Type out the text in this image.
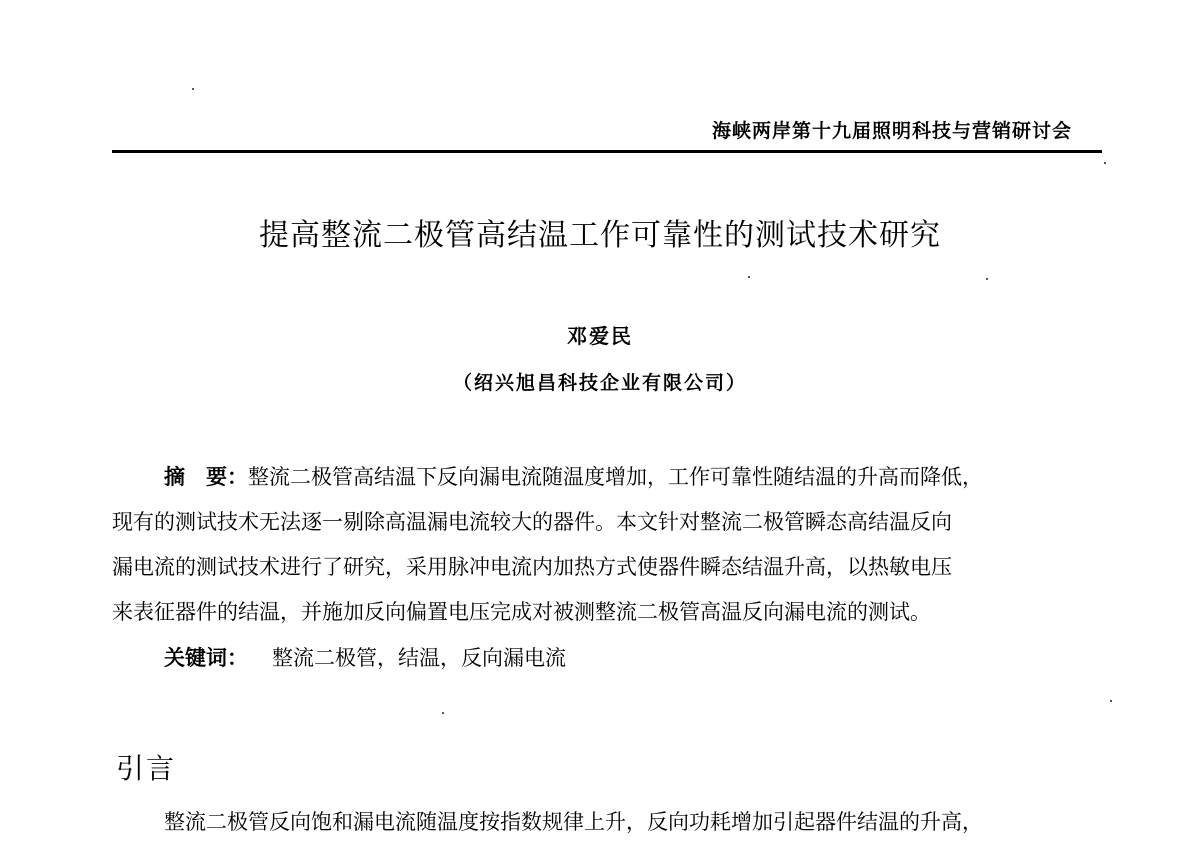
海峡两岸第十九届照明科技与营销研讨会
提高整流二极管高结温工作可靠性的测试技术研究
邓爱民
（绍兴旭昌科技企业有限公司）
摘　要：整流二极管高结温下反向漏电流随温度增加，工作可靠性随结温的升高而降低，
现有的测试技术无法逐一剔除高温漏电流较大的器件。本文针对整流二极管瞬态高结温反向
漏电流的测试技术进行了研究，采用脉冲电流内加热方式使器件瞬态结温升高，以热敏电压
来表征器件的结温，并施加反向偏置电压完成对被测整流二极管高温反向漏电流的测试。
关键词： 整流二极管，结温，反向漏电流
引言
整流二极管反向饱和漏电流随温度按指数规律上升，反向功耗增加引起器件结温的升高，
